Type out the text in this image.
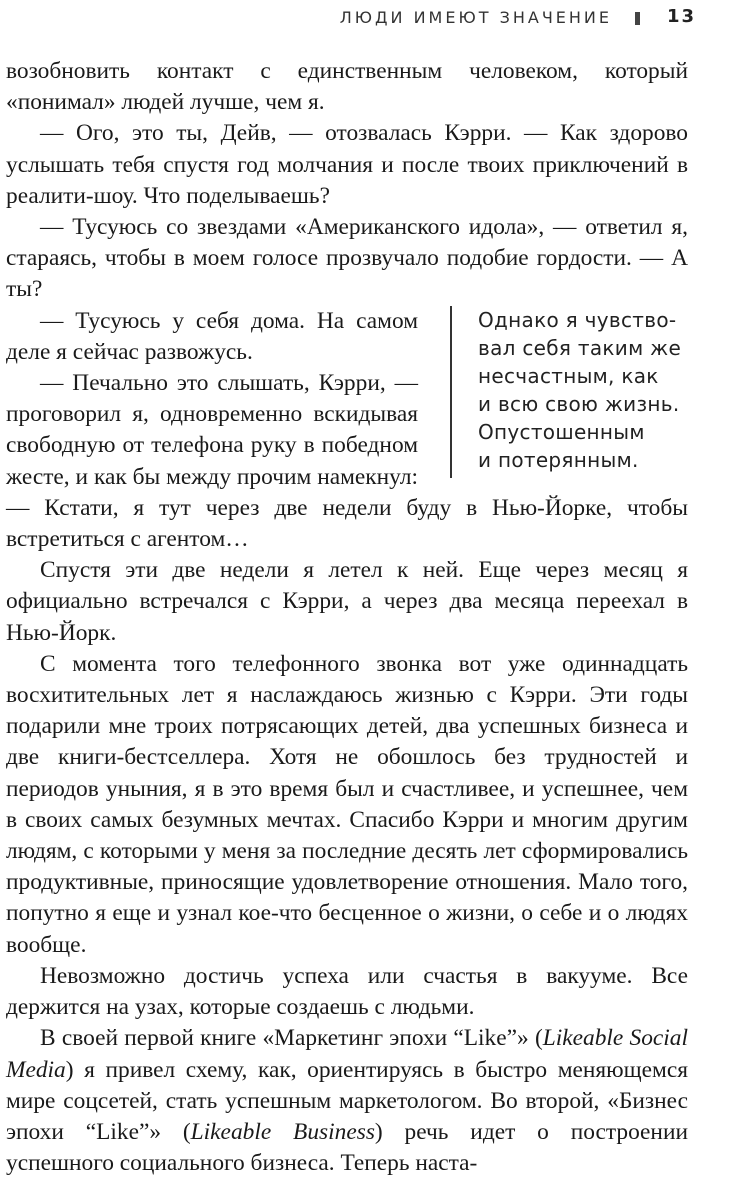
ЛЮДИ ИМЕЮТ ЗНАЧЕНИЕ	13

возобновить контакт с единственным человеком, который «понимал» людей лучше, чем я.

— Ого, это ты, Дейв, — отозвалась Кэрри. — Как здорово услышать тебя спустя год молчания и после твоих приключений в реалити-шоу. Что поделываешь?

— Тусуюсь со звездами «Американского идола», — ответил я, стараясь, чтобы в моем голосе прозвучало подобие гордости. — А ты?

Однако я чувство-
вал себя таким же
несчастным, как
и всю свою жизнь.
Опустошенным
и потерянным.

— Тусуюсь у себя дома. На самом деле я сейчас развожусь.

— Печально это слышать, Кэрри, — проговорил я, одновременно вскидывая свободную от телефона руку в победном жесте, и как бы между прочим намекнул: — Кстати, я тут через две недели буду в Нью-Йорке, чтобы встретиться с агентом…

Спустя эти две недели я летел к ней. Еще через месяц я официально встречался с Кэрри, а через два месяца переехал в Нью-Йорк.

С момента того телефонного звонка вот уже одиннадцать восхитительных лет я наслаждаюсь жизнью с Кэрри. Эти годы подарили мне троих потрясающих детей, два успешных бизнеса и две книги-бестселлера. Хотя не обошлось без трудностей и периодов уныния, я в это время был и счастливее, и успешнее, чем в своих самых безумных мечтах. Спасибо Кэрри и многим другим людям, с которыми у меня за последние десять лет сформировались продуктивные, приносящие удовлетворение отношения. Мало того, попутно я еще и узнал кое-что бесценное о жизни, о себе и о людях вообще.

Невозможно достичь успеха или счастья в вакууме. Все держится на узах, которые создаешь с людьми.

В своей первой книге «Маркетинг эпохи “Like”» (Likeable Social Media) я привел схему, как, ориентируясь в быстро меняющемся мире соцсетей, стать успешным маркетологом. Во второй, «Бизнес эпохи “Like”» (Likeable Business) речь идет о построении успешного социального бизнеса. Теперь наста-
